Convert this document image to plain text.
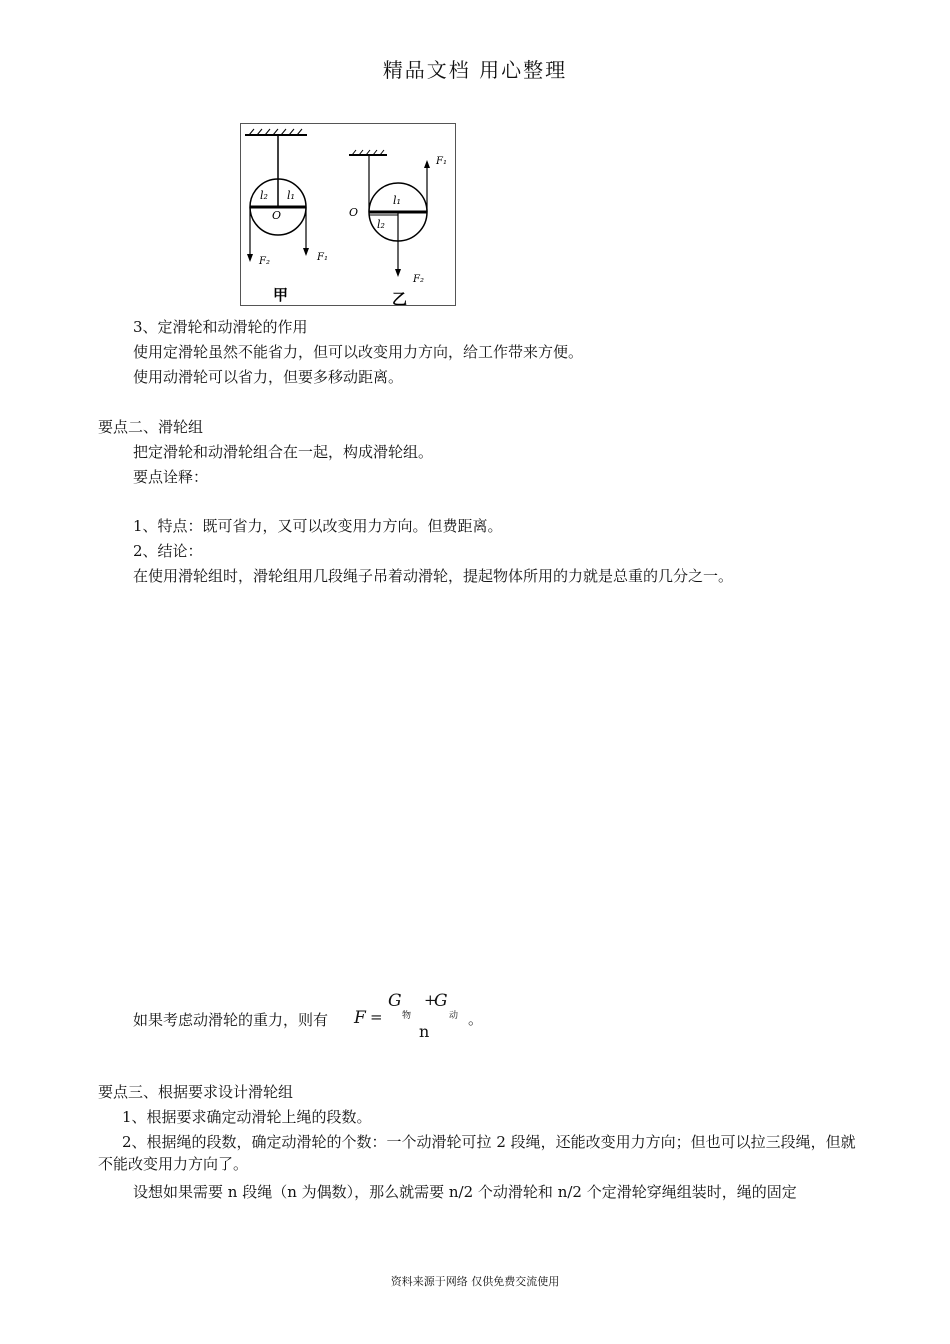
精品文档 用心整理
l₂ l₁
O
F₂	F₁
甲
l₁
l₂
O
F₁
F₂
乙
3、定滑轮和动滑轮的作用
使用定滑轮虽然不能省力，但可以改变用力方向，给工作带来方便。
使用动滑轮可以省力，但要多移动距离。
要点二、滑轮组
把定滑轮和动滑轮组合在一起，构成滑轮组。
要点诠释：
1、特点：既可省力，又可以改变用力方向。但费距离。
2、结论：
在使用滑轮组时，滑轮组用几段绳子吊着动滑轮，提起物体所用的力就是总重的几分之一。
如果考虑动滑轮的重力，则有 F =
G
物
+
G
动
n
。
要点三、根据要求设计滑轮组
1、根据要求确定动滑轮上绳的段数。
2、根据绳的段数，确定动滑轮的个数：一个动滑轮可拉 2 段绳，还能改变用力方向；但也可以拉三段绳，但就不能改变用力方向了。
设想如果需要 n 段绳（n 为偶数），那么就需要 n/2 个动滑轮和 n/2 个定滑轮穿绳组装时，绳的固定
资料来源于网络 仅供免费交流使用
